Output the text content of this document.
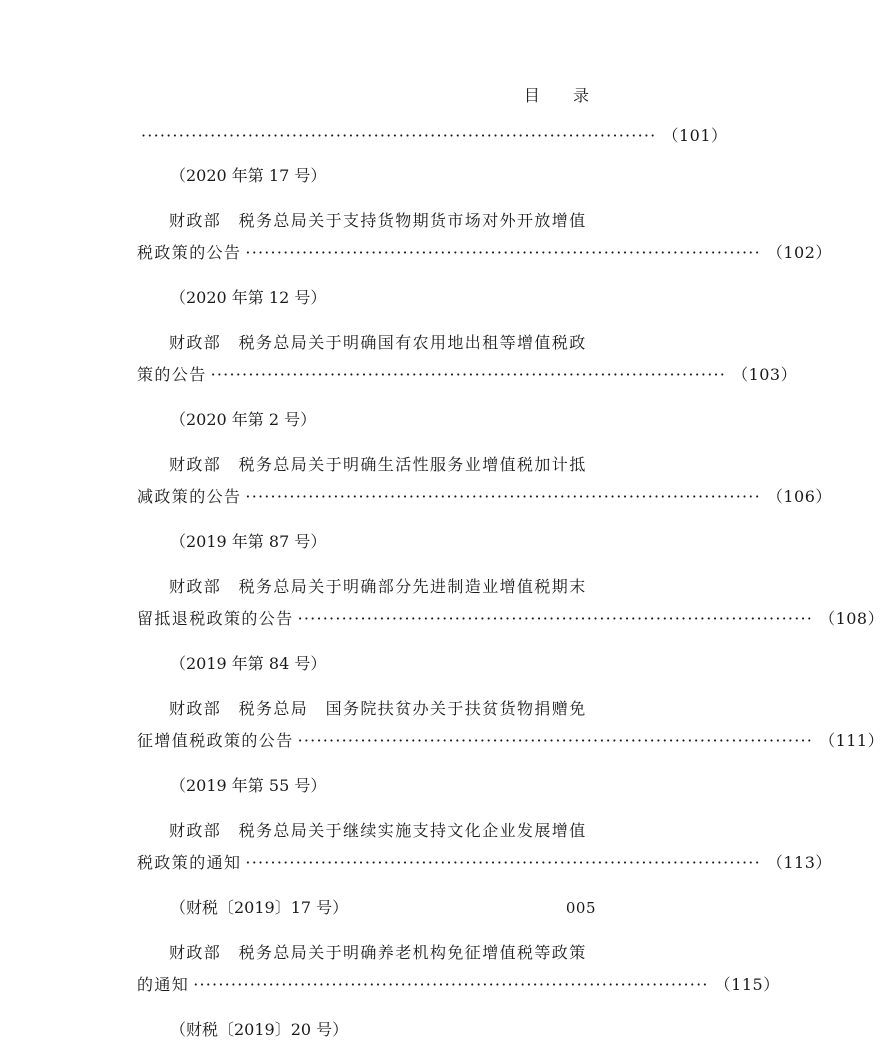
目 录
·················································································· （101）
（2020 年第 17 号）
财政部　税务总局关于支持货物期货市场对外开放增值
税政策的公告 ·················································································· （102）
（2020 年第 12 号）
财政部　税务总局关于明确国有农用地出租等增值税政
策的公告 ·················································································· （103）
（2020 年第 2 号）
财政部　税务总局关于明确生活性服务业增值税加计抵
减政策的公告 ·················································································· （106）
（2019 年第 87 号）
财政部　税务总局关于明确部分先进制造业增值税期末
留抵退税政策的公告 ·················································································· （108）
（2019 年第 84 号）
财政部　税务总局　国务院扶贫办关于扶贫货物捐赠免
征增值税政策的公告 ·················································································· （111）
（2019 年第 55 号）
财政部　税务总局关于继续实施支持文化企业发展增值
税政策的通知 ·················································································· （113）
（财税〔2019〕17 号）
财政部　税务总局关于明确养老机构免征增值税等政策
的通知 ·················································································· （115）
（财税〔2019〕20 号）
005
